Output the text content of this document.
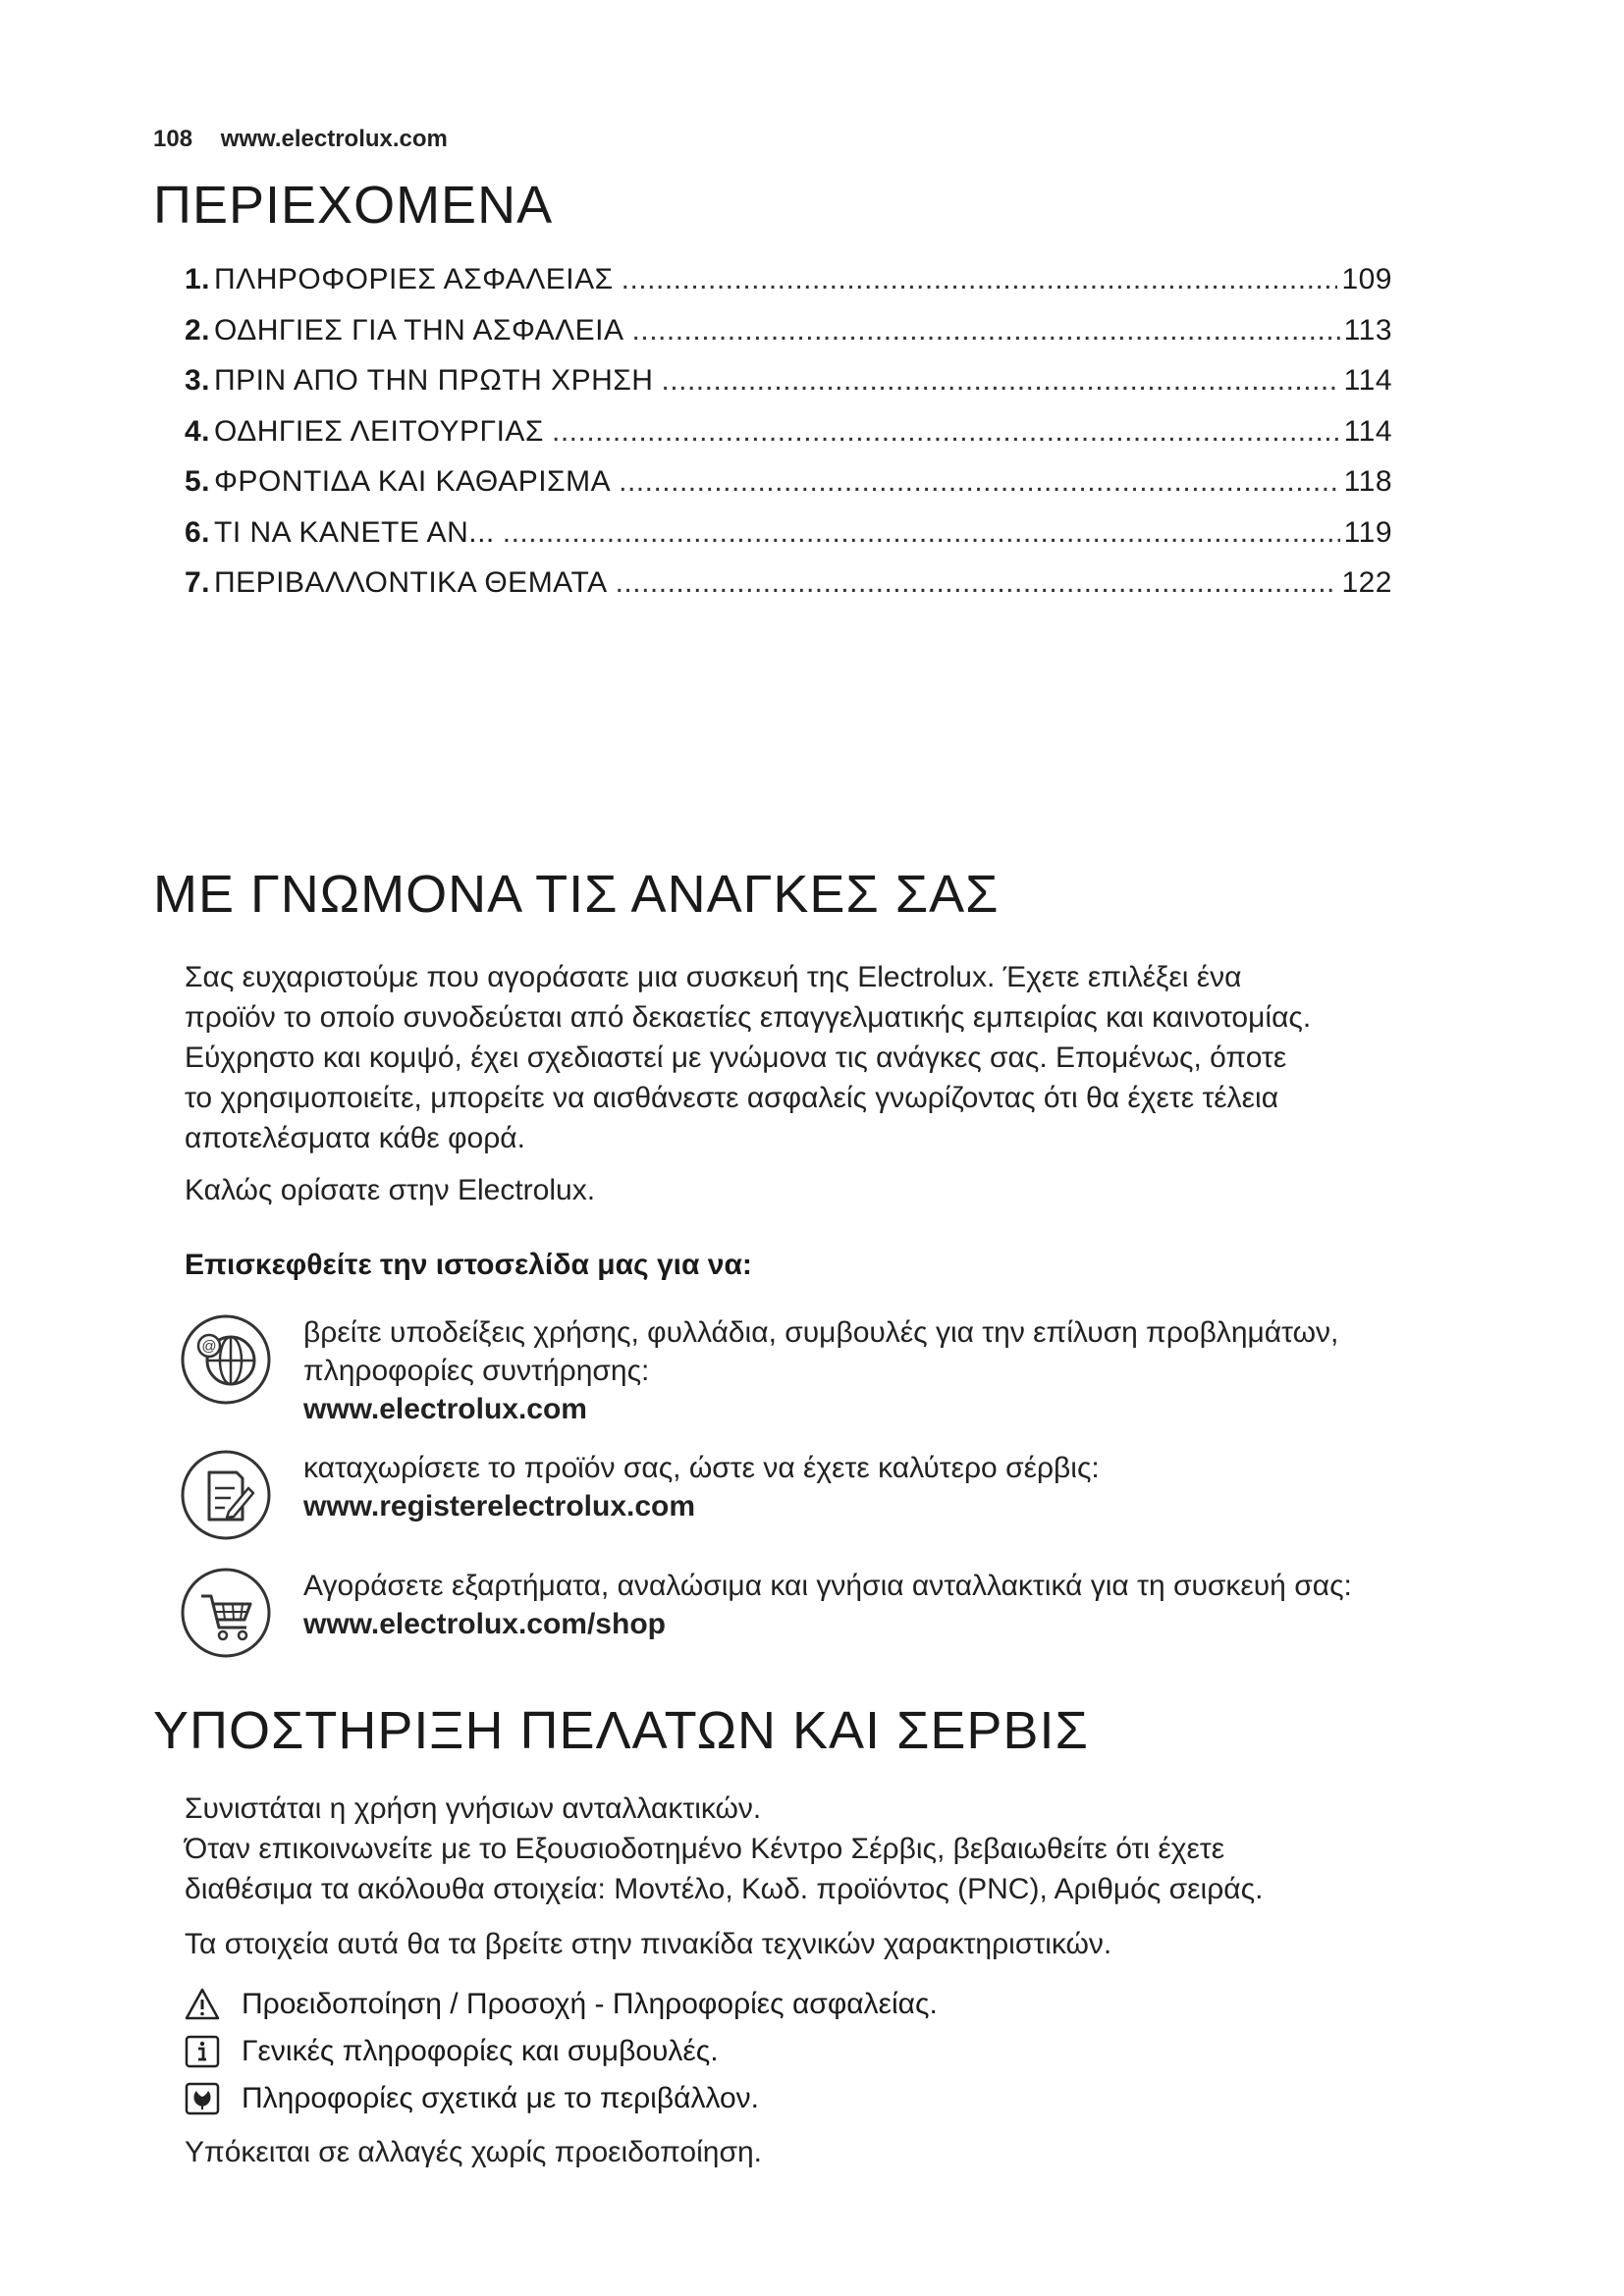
108 www.electrolux.com
ΠΕΡΙΕΧΟΜΕΝΑ
1. ΠΛΗΡΟΦΟΡΙΕΣ ΑΣΦΑΛΕΙΑΣ .....	109
2. ΟΔΗΓΙΕΣ ΓΙΑ ΤΗΝ ΑΣΦΑΛΕΙΑ .....	113
3. ΠΡΙΝ ΑΠΟ ΤΗΝ ΠΡΩΤΗ ΧΡΗΣΗ .....	114
4. ΟΔΗΓΙΕΣ ΛΕΙΤΟΥΡΓΙΑΣ .....	114
5. ΦΡΟΝΤΙΔΑ ΚΑΙ ΚΑΘΑΡΙΣΜΑ .....	118
6. ΤΙ ΝΑ ΚΑΝΕΤΕ ΑΝ... .....	119
7. ΠΕΡΙΒΑΛΛΟΝΤΙΚΑ ΘΕΜΑΤΑ .....	122
ΜΕ ΓΝΩΜΟΝΑ ΤΙΣ ΑΝΑΓΚΕΣ ΣΑΣ
Σας ευχαριστούμε που αγοράσατε μια συσκευή της Electrolux. Έχετε επιλέξει ένα
προϊόν το οποίο συνοδεύεται από δεκαετίες επαγγελματικής εμπειρίας και καινοτομίας.
Εύχρηστο και κομψό, έχει σχεδιαστεί με γνώμονα τις ανάγκες σας. Επομένως, όποτε
το χρησιμοποιείτε, μπορείτε να αισθάνεστε ασφαλείς γνωρίζοντας ότι θα έχετε τέλεια
αποτελέσματα κάθε φορά.

Καλώς ορίσατε στην Electrolux.

Επισκεφθείτε την ιστοσελίδα μας για να:

@	βρείτε υποδείξεις χρήσης, φυλλάδια, συμβουλές για την επίλυση προβλημάτων,
πληροφορίες συντήρησης:
www.electrolux.com
καταχωρίσετε το προϊόν σας, ώστε να έχετε καλύτερο σέρβις:
www.registerelectrolux.com
Αγοράσετε εξαρτήματα, αναλώσιμα και γνήσια ανταλλακτικά για τη συσκευή σας:
www.electrolux.com/shop
ΥΠΟΣΤΗΡΙΞΗ ΠΕΛΑΤΩΝ ΚΑΙ ΣΕΡΒΙΣ
Συνιστάται η χρήση γνήσιων ανταλλακτικών.
Όταν επικοινωνείτε με το Εξουσιοδοτημένο Κέντρο Σέρβις, βεβαιωθείτε ότι έχετε
διαθέσιμα τα ακόλουθα στοιχεία: Μοντέλο, Κωδ. προϊόντος (PNC), Αριθμός σειράς.

Τα στοιχεία αυτά θα τα βρείτε στην πινακίδα τεχνικών χαρακτηριστικών.

Προειδοποίηση / Προσοχή - Πληροφορίες ασφαλείας.
Γενικές πληροφορίες και συμβουλές.
Πληροφορίες σχετικά με το περιβάλλον.

Υπόκειται σε αλλαγές χωρίς προειδοποίηση.
